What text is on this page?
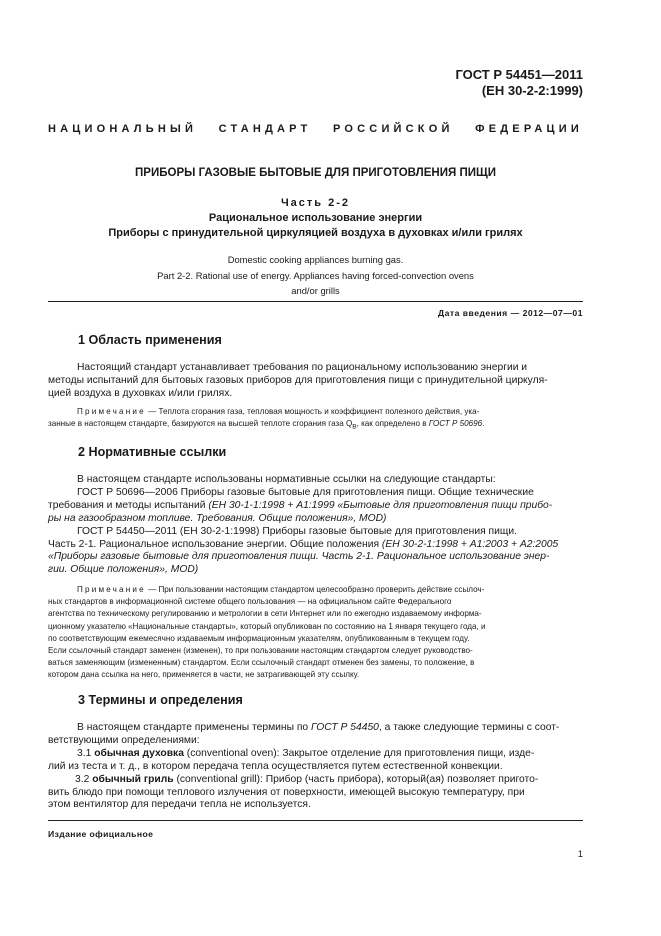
ГОСТ Р 54451—2011
(ЕН 30-2-2:1999)
НАЦИОНАЛЬНЫЙ СТАНДАРТ РОССИЙСКОЙ ФЕДЕРАЦИИ
ПРИБОРЫ ГАЗОВЫЕ БЫТОВЫЕ ДЛЯ ПРИГОТОВЛЕНИЯ ПИЩИ
Часть 2-2
Рациональное использование энергии
Приборы с принудительной циркуляцией воздуха в духовках и/или грилях
Domestic cooking appliances burning gas.
Part 2-2. Rational use of energy. Appliances having forced-convection ovens
and/or grills
Дата введения — 2012—07—01
1 Область применения
Настоящий стандарт устанавливает требования по рациональному использованию энергии и
методы испытаний для бытовых газовых приборов для приготовления пищи с принудительной циркуля-
цией воздуха в духовках и/или грилях.
Примечание — Теплота сгорания газа, тепловая мощность и коэффициент полезного действия, ука-
занные в настоящем стандарте, базируются на высшей теплоте сгорания газа $Q_B$, как определено в ГОСТ Р 50696.
2 Нормативные ссылки
В настоящем стандарте использованы нормативные ссылки на следующие стандарты:
ГОСТ Р 50696—2006 Приборы газовые бытовые для приготовления пищи. Общие технические
требования и методы испытаний (ЕН 30-1-1:1998 + А1:1999 «Бытовые для приготовления пищи прибо-
ры на газообразном топливе. Требования. Общие положения», MOD)
ГОСТ Р 54450—2011 (ЕН 30-2-1:1998) Приборы газовые бытовые для приготовления пищи.
Часть 2-1. Рациональное использование энергии. Общие положения (ЕН 30-2-1:1998 + А1:2003 + А2:2005
«Приборы газовые бытовые для приготовления пищи. Часть 2-1. Рациональное использование энер-
гии. Общие положения», MOD)
Примечание — При пользовании настоящим стандартом целесообразно проверить действие ссылоч-
ных стандартов в информационной системе общего пользования — на официальном сайте Федерального
агентства по техническому регулированию и метрологии в сети Интернет или по ежегодно издаваемому информа-
ционному указателю «Национальные стандарты», который опубликован по состоянию на 1 января текущего года, и
по соответствующим ежемесячно издаваемым информационным указателям, опубликованным в текущем году.
Если ссылочный стандарт заменен (изменен), то при пользовании настоящим стандартом следует руководство-
ваться заменяющим (измененным) стандартом. Если ссылочный стандарт отменен без замены, то положение, в
котором дана ссылка на него, применяется в части, не затрагивающей эту ссылку.
3 Термины и определения
В настоящем стандарте применены термины по ГОСТ Р 54450, а также следующие термины с соот-
ветствующими определениями:
3.1 обычная духовка (conventional oven): Закрытое отделение для приготовления пищи, изде-
лий из теста и т. д., в котором передача тепла осуществляется путем естественной конвекции.
3.2 обычный гриль (conventional grill): Прибор (часть прибора), который(ая) позволяет пригото-
вить блюдо при помощи теплового излучения от поверхности, имеющей высокую температуру, при
этом вентилятор для передачи тепла не используется.
Издание официальное
1
